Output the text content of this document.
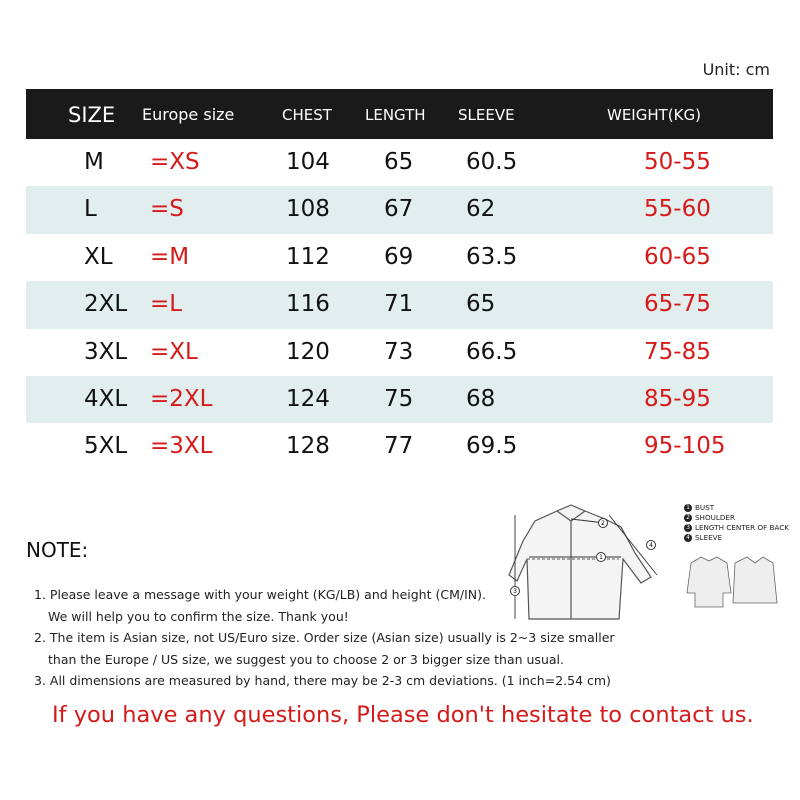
Unit: cm
SIZE Europe size	CHEST LENGTH SLEEVE	WEIGHT(KG)
M =XS	104 65 60.5	50-55
L =S	108 67 62	55-60
XL =M	112 69 63.5	60-65
2XL =L	116 71 65	65-75
3XL =XL	120 73 66.5	75-85
4XL =2XL	124 75 68	85-95
5XL =3XL	128 77 69.5	95-105
NOTE:
1. Please leave a message with your weight (KG/LB) and height (CM/IN).
We will help you to confirm the size. Thank you!
2. The item is Asian size, not US/Euro size. Order size (Asian size) usually is 2~3 size smaller
than the Europe / US size, we suggest you to choose 2 or 3 bigger size than usual.
3. All dimensions are measured by hand, there may be 2-3 cm deviations. (1 inch=2.54 cm)
If you have any questions, Please don't hesitate to contact us.
1
2
3
4
1 BUST
2 SHOULDER
3 LENGTH CENTER OF BACK
4 SLEEVE
